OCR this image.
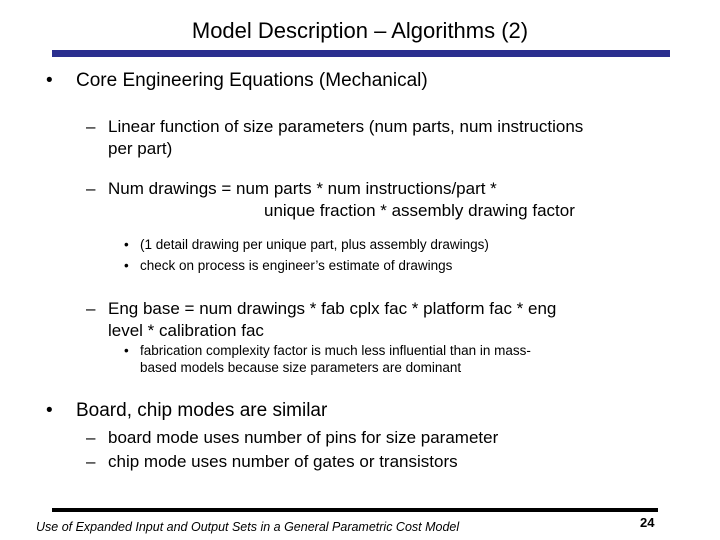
Model Description – Algorithms (2)
• Core Engineering Equations (Mechanical)
– Linear function of size parameters (num parts, num instructions
per part)
– Num drawings = num parts * num instructions/part *
unique fraction * assembly drawing factor
• (1 detail drawing per unique part, plus assembly drawings)
• check on process is engineer’s estimate of drawings
– Eng base = num drawings * fab cplx fac * platform fac * eng
level * calibration fac
• fabrication complexity factor is much less influential than in mass-
based models because size parameters are dominant
• Board, chip modes are similar
– board mode uses number of pins for size parameter
– chip mode uses number of gates or transistors
Use of Expanded Input and Output Sets in a General Parametric Cost Model	24
